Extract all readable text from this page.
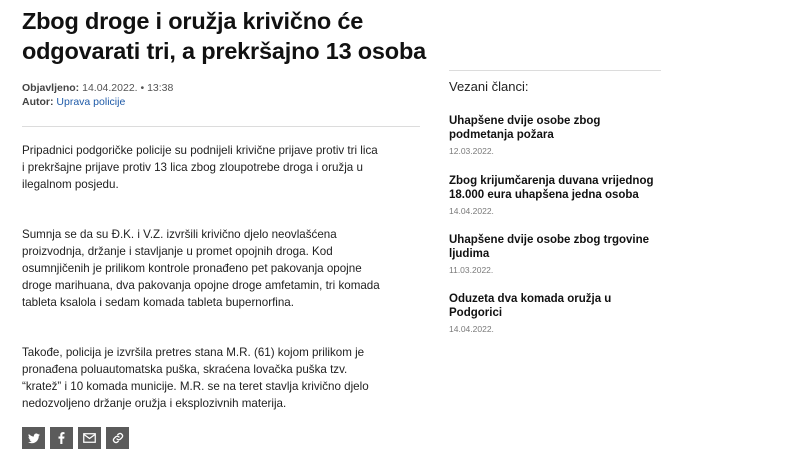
Zbog droge i oružja krivično će odgovarati tri, a prekršajno 13 osoba
Objavljeno: 14.04.2022. • 13:38
Autor: Uprava policije

Pripadnici podgoričke policije su podnijeli krivične prijave protiv tri lica i prekršajne prijave protiv 13 lica zbog zloupotrebe droga i oružja u ilegalnom posjedu.

Sumnja se da su Đ.K. i V.Z. izvršili krivično djelo neovlašćena proizvodnja, držanje i stavljanje u promet opojnih droga. Kod osumnjičenih je prilikom kontrole pronađeno pet pakovanja opojne droge marihuana, dva pakovanja opojne droge amfetamin, tri komada tableta ksalola i sedam komada tableta bupernorfina.

Takođe, policija je izvršila pretres stana M.R. (61) kojom prilikom je pronađena poluautomatska puška, skraćena lovačka puška tzv. “kratež” i 10 komada municije. M.R. se na teret stavlja krivično djelo nedozvoljeno držanje oružja i eksplozivnih materija.

Vezani članci:
Uhapšene dvije osobe zbog podmetanja požara
12.03.2022.
Zbog krijumčarenja duvana vrijednog 18.000 eura uhapšena jedna osoba
14.04.2022.
Uhapšene dvije osobe zbog trgovine ljudima
11.03.2022.
Oduzeta dva komada oružja u Podgorici
14.04.2022.
